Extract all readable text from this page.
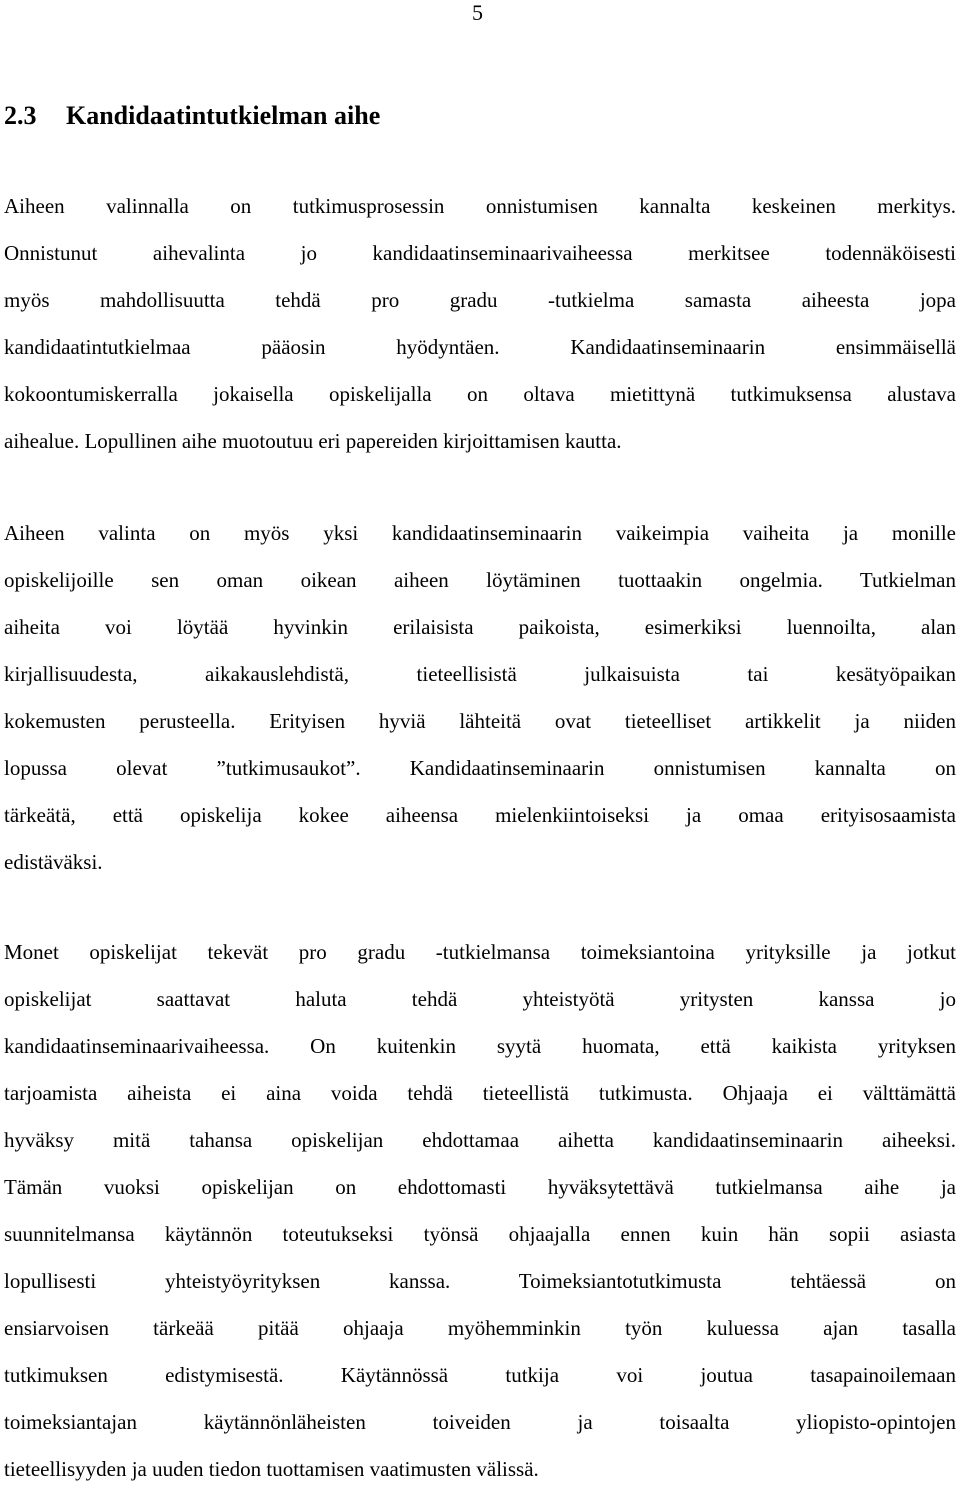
5
2.3 Kandidaatintutkielman aihe
Aiheen valinnalla on tutkimusprosessin onnistumisen kannalta keskeinen merkitys.
Onnistunut aihevalinta jo kandidaatinseminaarivaiheessa merkitsee todennäköisesti
myös mahdollisuutta tehdä pro gradu -tutkielma samasta aiheesta jopa
kandidaatintutkielmaa pääosin hyödyntäen. Kandidaatinseminaarin ensimmäisellä
kokoontumiskerralla jokaisella opiskelijalla on oltava mietittynä tutkimuksensa alustava
aihealue. Lopullinen aihe muotoutuu eri papereiden kirjoittamisen kautta.
Aiheen valinta on myös yksi kandidaatinseminaarin vaikeimpia vaiheita ja monille
opiskelijoille sen oman oikean aiheen löytäminen tuottaakin ongelmia. Tutkielman
aiheita voi löytää hyvinkin erilaisista paikoista, esimerkiksi luennoilta, alan
kirjallisuudesta, aikakauslehdistä, tieteellisistä julkaisuista tai kesätyöpaikan
kokemusten perusteella. Erityisen hyviä lähteitä ovat tieteelliset artikkelit ja niiden
lopussa olevat ”tutkimusaukot”. Kandidaatinseminaarin onnistumisen kannalta on
tärkeätä, että opiskelija kokee aiheensa mielenkiintoiseksi ja omaa erityisosaamista
edistäväksi.
Monet opiskelijat tekevät pro gradu -tutkielmansa toimeksiantoina yrityksille ja jotkut
opiskelijat saattavat haluta tehdä yhteistyötä yritysten kanssa jo
kandidaatinseminaarivaiheessa. On kuitenkin syytä huomata, että kaikista yrityksen
tarjoamista aiheista ei aina voida tehdä tieteellistä tutkimusta. Ohjaaja ei välttämättä
hyväksy mitä tahansa opiskelijan ehdottamaa aihetta kandidaatinseminaarin aiheeksi.
Tämän vuoksi opiskelijan on ehdottomasti hyväksytettävä tutkielmansa aihe ja
suunnitelmansa käytännön toteutukseksi työnsä ohjaajalla ennen kuin hän sopii asiasta
lopullisesti yhteistyöyrityksen kanssa. Toimeksiantotutkimusta tehtäessä on
ensiarvoisen tärkeää pitää ohjaaja myöhemminkin työn kuluessa ajan tasalla
tutkimuksen edistymisestä. Käytännössä tutkija voi joutua tasapainoilemaan
toimeksiantajan käytännönläheisten toiveiden ja toisaalta yliopisto-opintojen
tieteellisyyden ja uuden tiedon tuottamisen vaatimusten välissä.
